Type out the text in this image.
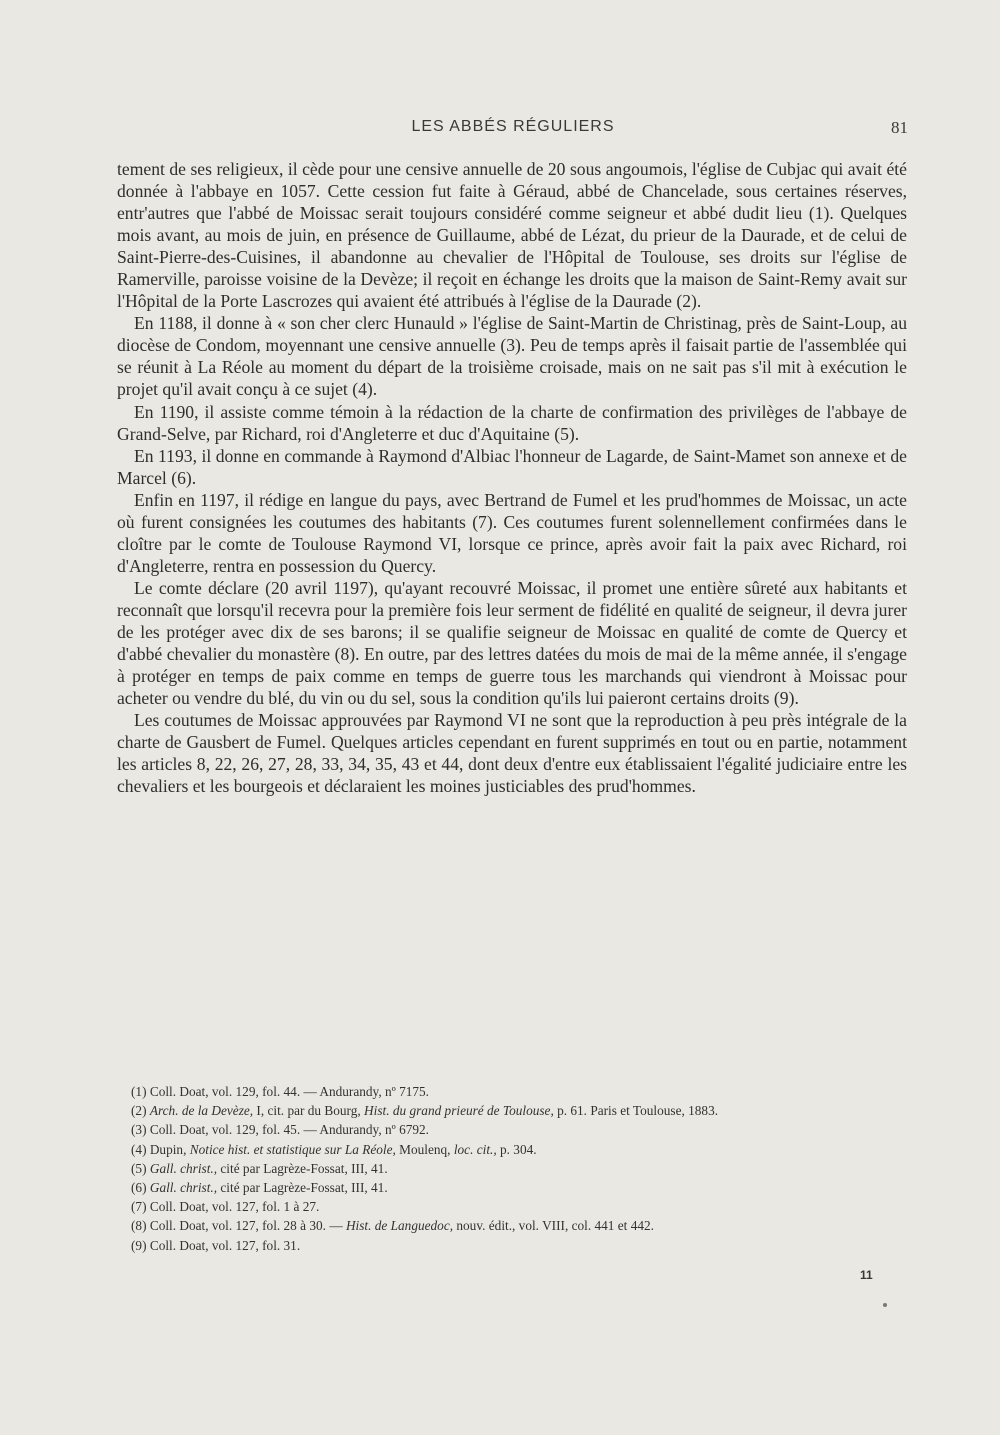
LES ABBÉS RÉGULIERS	81

tement de ses religieux, il cède pour une censive annuelle de 20 sous angoumois, l'église de Cubjac qui avait été donnée à l'abbaye en 1057. Cette cession fut faite à Géraud, abbé de Chancelade, sous certaines réserves, entr'autres que l'abbé de Moissac serait toujours considéré comme seigneur et abbé dudit lieu (1). Quelques mois avant, au mois de juin, en présence de Guillaume, abbé de Lézat, du prieur de la Daurade, et de celui de Saint-Pierre-des-Cuisines, il abandonne au chevalier de l'Hôpital de Toulouse, ses droits sur l'église de Ramerville, paroisse voisine de la Devèze; il reçoit en échange les droits que la maison de Saint-Remy avait sur l'Hôpital de la Porte Lascrozes qui avaient été attribués à l'église de la Daurade (2).

En 1188, il donne à « son cher clerc Hunauld » l'église de Saint-Martin de Christinag, près de Saint-Loup, au diocèse de Condom, moyennant une censive annuelle (3). Peu de temps après il faisait partie de l'assemblée qui se réunit à La Réole au moment du départ de la troisième croisade, mais on ne sait pas s'il mit à exécution le projet qu'il avait conçu à ce sujet (4).

En 1190, il assiste comme témoin à la rédaction de la charte de confirmation des privilèges de l'abbaye de Grand-Selve, par Richard, roi d'Angleterre et duc d'Aquitaine (5).

En 1193, il donne en commande à Raymond d'Albiac l'honneur de Lagarde, de Saint-Mamet son annexe et de Marcel (6).

Enfin en 1197, il rédige en langue du pays, avec Bertrand de Fumel et les prud'hommes de Moissac, un acte où furent consignées les coutumes des habitants (7). Ces coutumes furent solennellement confirmées dans le cloître par le comte de Toulouse Raymond VI, lorsque ce prince, après avoir fait la paix avec Richard, roi d'Angleterre, rentra en possession du Quercy.

Le comte déclare (20 avril 1197), qu'ayant recouvré Moissac, il promet une entière sûreté aux habitants et reconnaît que lorsqu'il recevra pour la première fois leur serment de fidélité en qualité de seigneur, il devra jurer de les protéger avec dix de ses barons; il se qualifie seigneur de Moissac en qualité de comte de Quercy et d'abbé chevalier du monastère (8). En outre, par des lettres datées du mois de mai de la même année, il s'engage à protéger en temps de paix comme en temps de guerre tous les marchands qui viendront à Moissac pour acheter ou vendre du blé, du vin ou du sel, sous la condition qu'ils lui paieront certains droits (9).

Les coutumes de Moissac approuvées par Raymond VI ne sont que la reproduction à peu près intégrale de la charte de Gausbert de Fumel. Quelques articles cependant en furent supprimés en tout ou en partie, notamment les articles 8, 22, 26, 27, 28, 33, 34, 35, 43 et 44, dont deux d'entre eux établissaient l'égalité judiciaire entre les chevaliers et les bourgeois et déclaraient les moines justiciables des prud'hommes.

(1) Coll. Doat, vol. 129, fol. 44. — Andurandy, nº 7175.
(2) Arch. de la Devèze, I, cit. par du Bourg, Hist. du grand prieuré de Toulouse, p. 61. Paris et Toulouse, 1883.
(3) Coll. Doat, vol. 129, fol. 45. — Andurandy, nº 6792.
(4) Dupin, Notice hist. et statistique sur La Réole, Moulenq, loc. cit., p. 304.
(5) Gall. christ., cité par Lagrèze-Fossat, III, 41.
(6) Gall. christ., cité par Lagrèze-Fossat, III, 41.
(7) Coll. Doat, vol. 127, fol. 1 à 27.
(8) Coll. Doat, vol. 127, fol. 28 à 30. — Hist. de Languedoc, nouv. édit., vol. VIII, col. 441 et 442.
(9) Coll. Doat, vol. 127, fol. 31.
11
